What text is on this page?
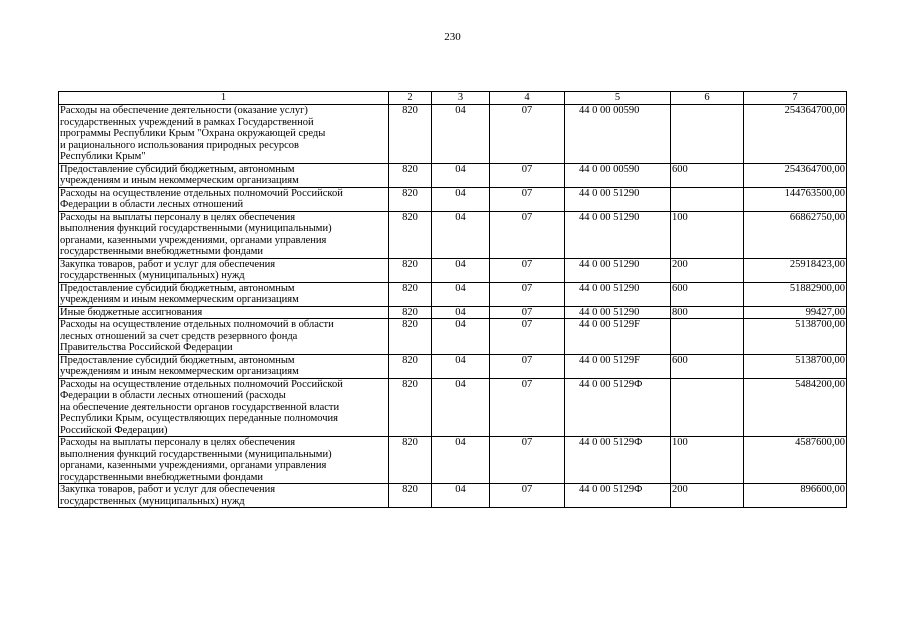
230
1	2	3	4	5	6	7
Расходы на обеспечение деятельности (оказание услуг)
государственных учреждений в рамках Государственной
программы Республики Крым "Охрана окружающей среды
и рационального использования природных ресурсов
Республики Крым"	820	04	07	44 0 00 00590		254364700,00
Предоставление субсидий бюджетным, автономным
учреждениям и иным некоммерческим организациям	820	04	07	44 0 00 00590	600	254364700,00
Расходы на осуществление отдельных полномочий Российской
Федерации в области лесных отношений	820	04	07	44 0 00 51290		144763500,00
Расходы на выплаты персоналу в целях обеспечения
выполнения функций государственными (муниципальными)
органами, казенными учреждениями, органами управления
государственными внебюджетными фондами	820	04	07	44 0 00 51290	100	66862750,00
Закупка товаров, работ и услуг для обеспечения
государственных (муниципальных) нужд	820	04	07	44 0 00 51290	200	25918423,00
Предоставление субсидий бюджетным, автономным
учреждениям и иным некоммерческим организациям	820	04	07	44 0 00 51290	600	51882900,00
Иные бюджетные ассигнования	820	04	07	44 0 00 51290	800	99427,00
Расходы на осуществление отдельных полномочий в области
лесных отношений за счет средств резервного фонда
Правительства Российской Федерации	820	04	07	44 0 00 5129F		5138700,00
Предоставление субсидий бюджетным, автономным
учреждениям и иным некоммерческим организациям	820	04	07	44 0 00 5129F	600	5138700,00
Расходы на осуществление отдельных полномочий Российской
Федерации в области лесных отношений (расходы
на обеспечение деятельности органов государственной власти
Республики Крым, осуществляющих переданные полномочия
Российской Федерации)	820	04	07	44 0 00 5129Ф		5484200,00
Расходы на выплаты персоналу в целях обеспечения
выполнения функций государственными (муниципальными)
органами, казенными учреждениями, органами управления
государственными внебюджетными фондами	820	04	07	44 0 00 5129Ф	100	4587600,00
Закупка товаров, работ и услуг для обеспечения
государственных (муниципальных) нужд	820	04	07	44 0 00 5129Ф	200	896600,00
